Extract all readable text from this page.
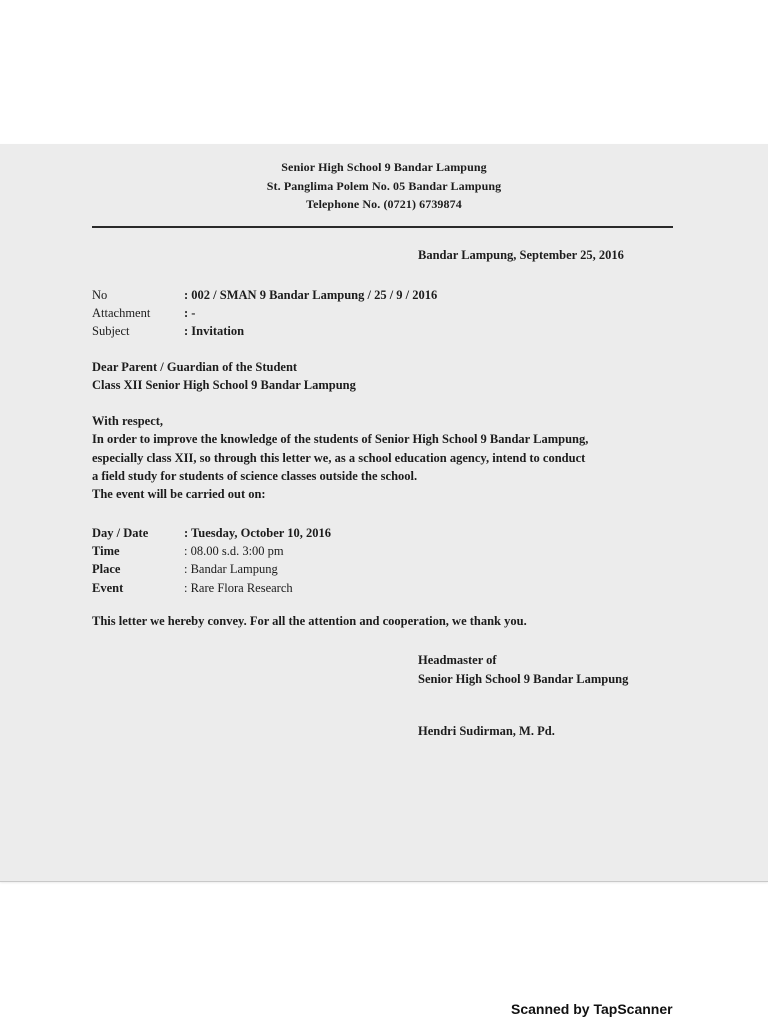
Senior High School 9 Bandar Lampung
St. Panglima Polem No. 05 Bandar Lampung
Telephone No. (0721) 6739874
Bandar Lampung, September 25, 2016
No	: 002 / SMAN 9 Bandar Lampung / 25 / 9 / 2016
Attachment	: -
Subject	: Invitation
Dear Parent / Guardian of the Student
Class XII Senior High School 9 Bandar Lampung
With respect,
In order to improve the knowledge of the students of Senior High School 9 Bandar Lampung,
especially class XII, so through this letter we, as a school education agency, intend to conduct
a field study for students of science classes outside the school.
The event will be carried out on:
Day / Date	: Tuesday, October 10, 2016
Time	: 08.00 s.d. 3:00 pm
Place	: Bandar Lampung
Event	: Rare Flora Research
This letter we hereby convey. For all the attention and cooperation, we thank you.
Headmaster of
Senior High School 9 Bandar Lampung
Hendri Sudirman, M. Pd.
Scanned by TapScanner
